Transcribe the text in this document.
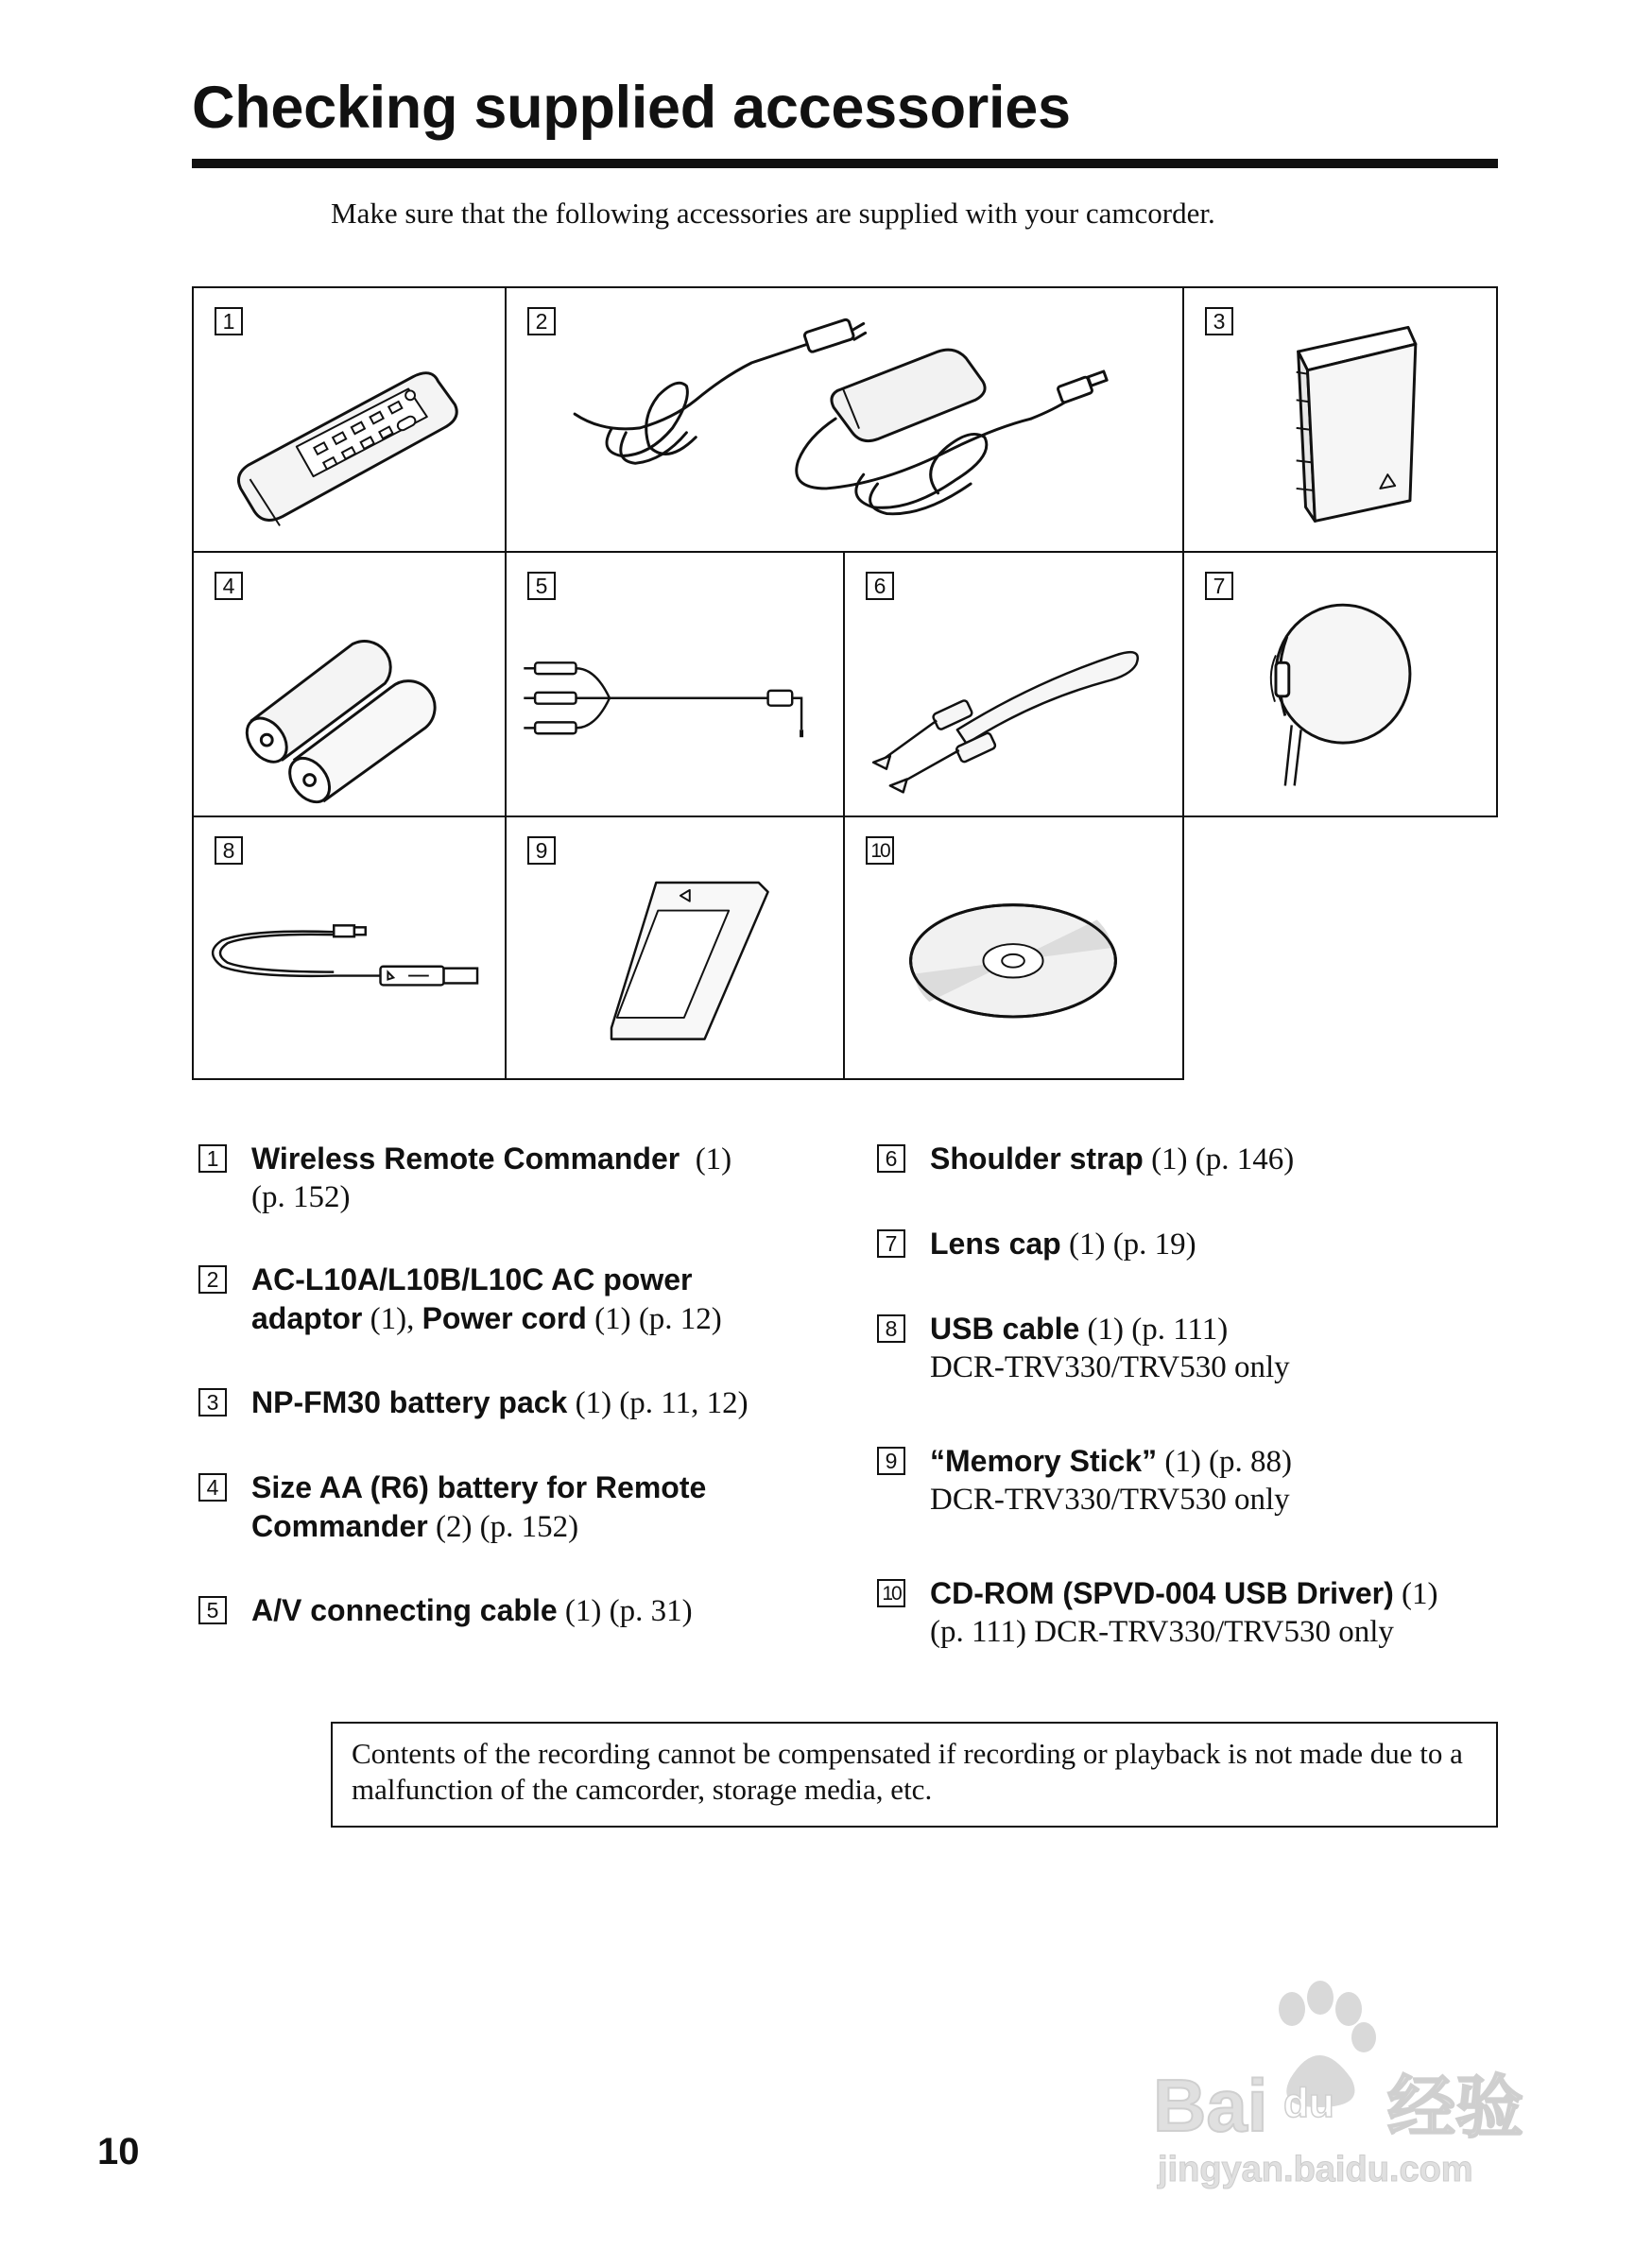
Checking supplied accessories
Make sure that the following accessories are supplied with your camcorder.
1	2	3
4	5	6	7
8	9	10
1 Wireless Remote Commander (1)
(p. 152)
2 AC-L10A/L10B/L10C AC power
adaptor (1), Power cord (1) (p. 12)
3 NP-FM30 battery pack (1) (p. 11, 12)
4 Size AA (R6) battery for Remote
Commander (2) (p. 152)
5 A/V connecting cable (1) (p. 31)
6 Shoulder strap (1) (p. 146)
7 Lens cap (1) (p. 19)
8 USB cable (1) (p. 111)
DCR-TRV330/TRV530 only
9 “Memory Stick” (1) (p. 88)
DCR-TRV330/TRV530 only
10 CD-ROM (SPVD-004 USB Driver) (1)
(p. 111) DCR-TRV330/TRV530 only
Contents of the recording cannot be compensated if recording or playback is not made due to a malfunction of the camcorder, storage media, etc.
Bai du 经验
jingyan.baidu.com
10
